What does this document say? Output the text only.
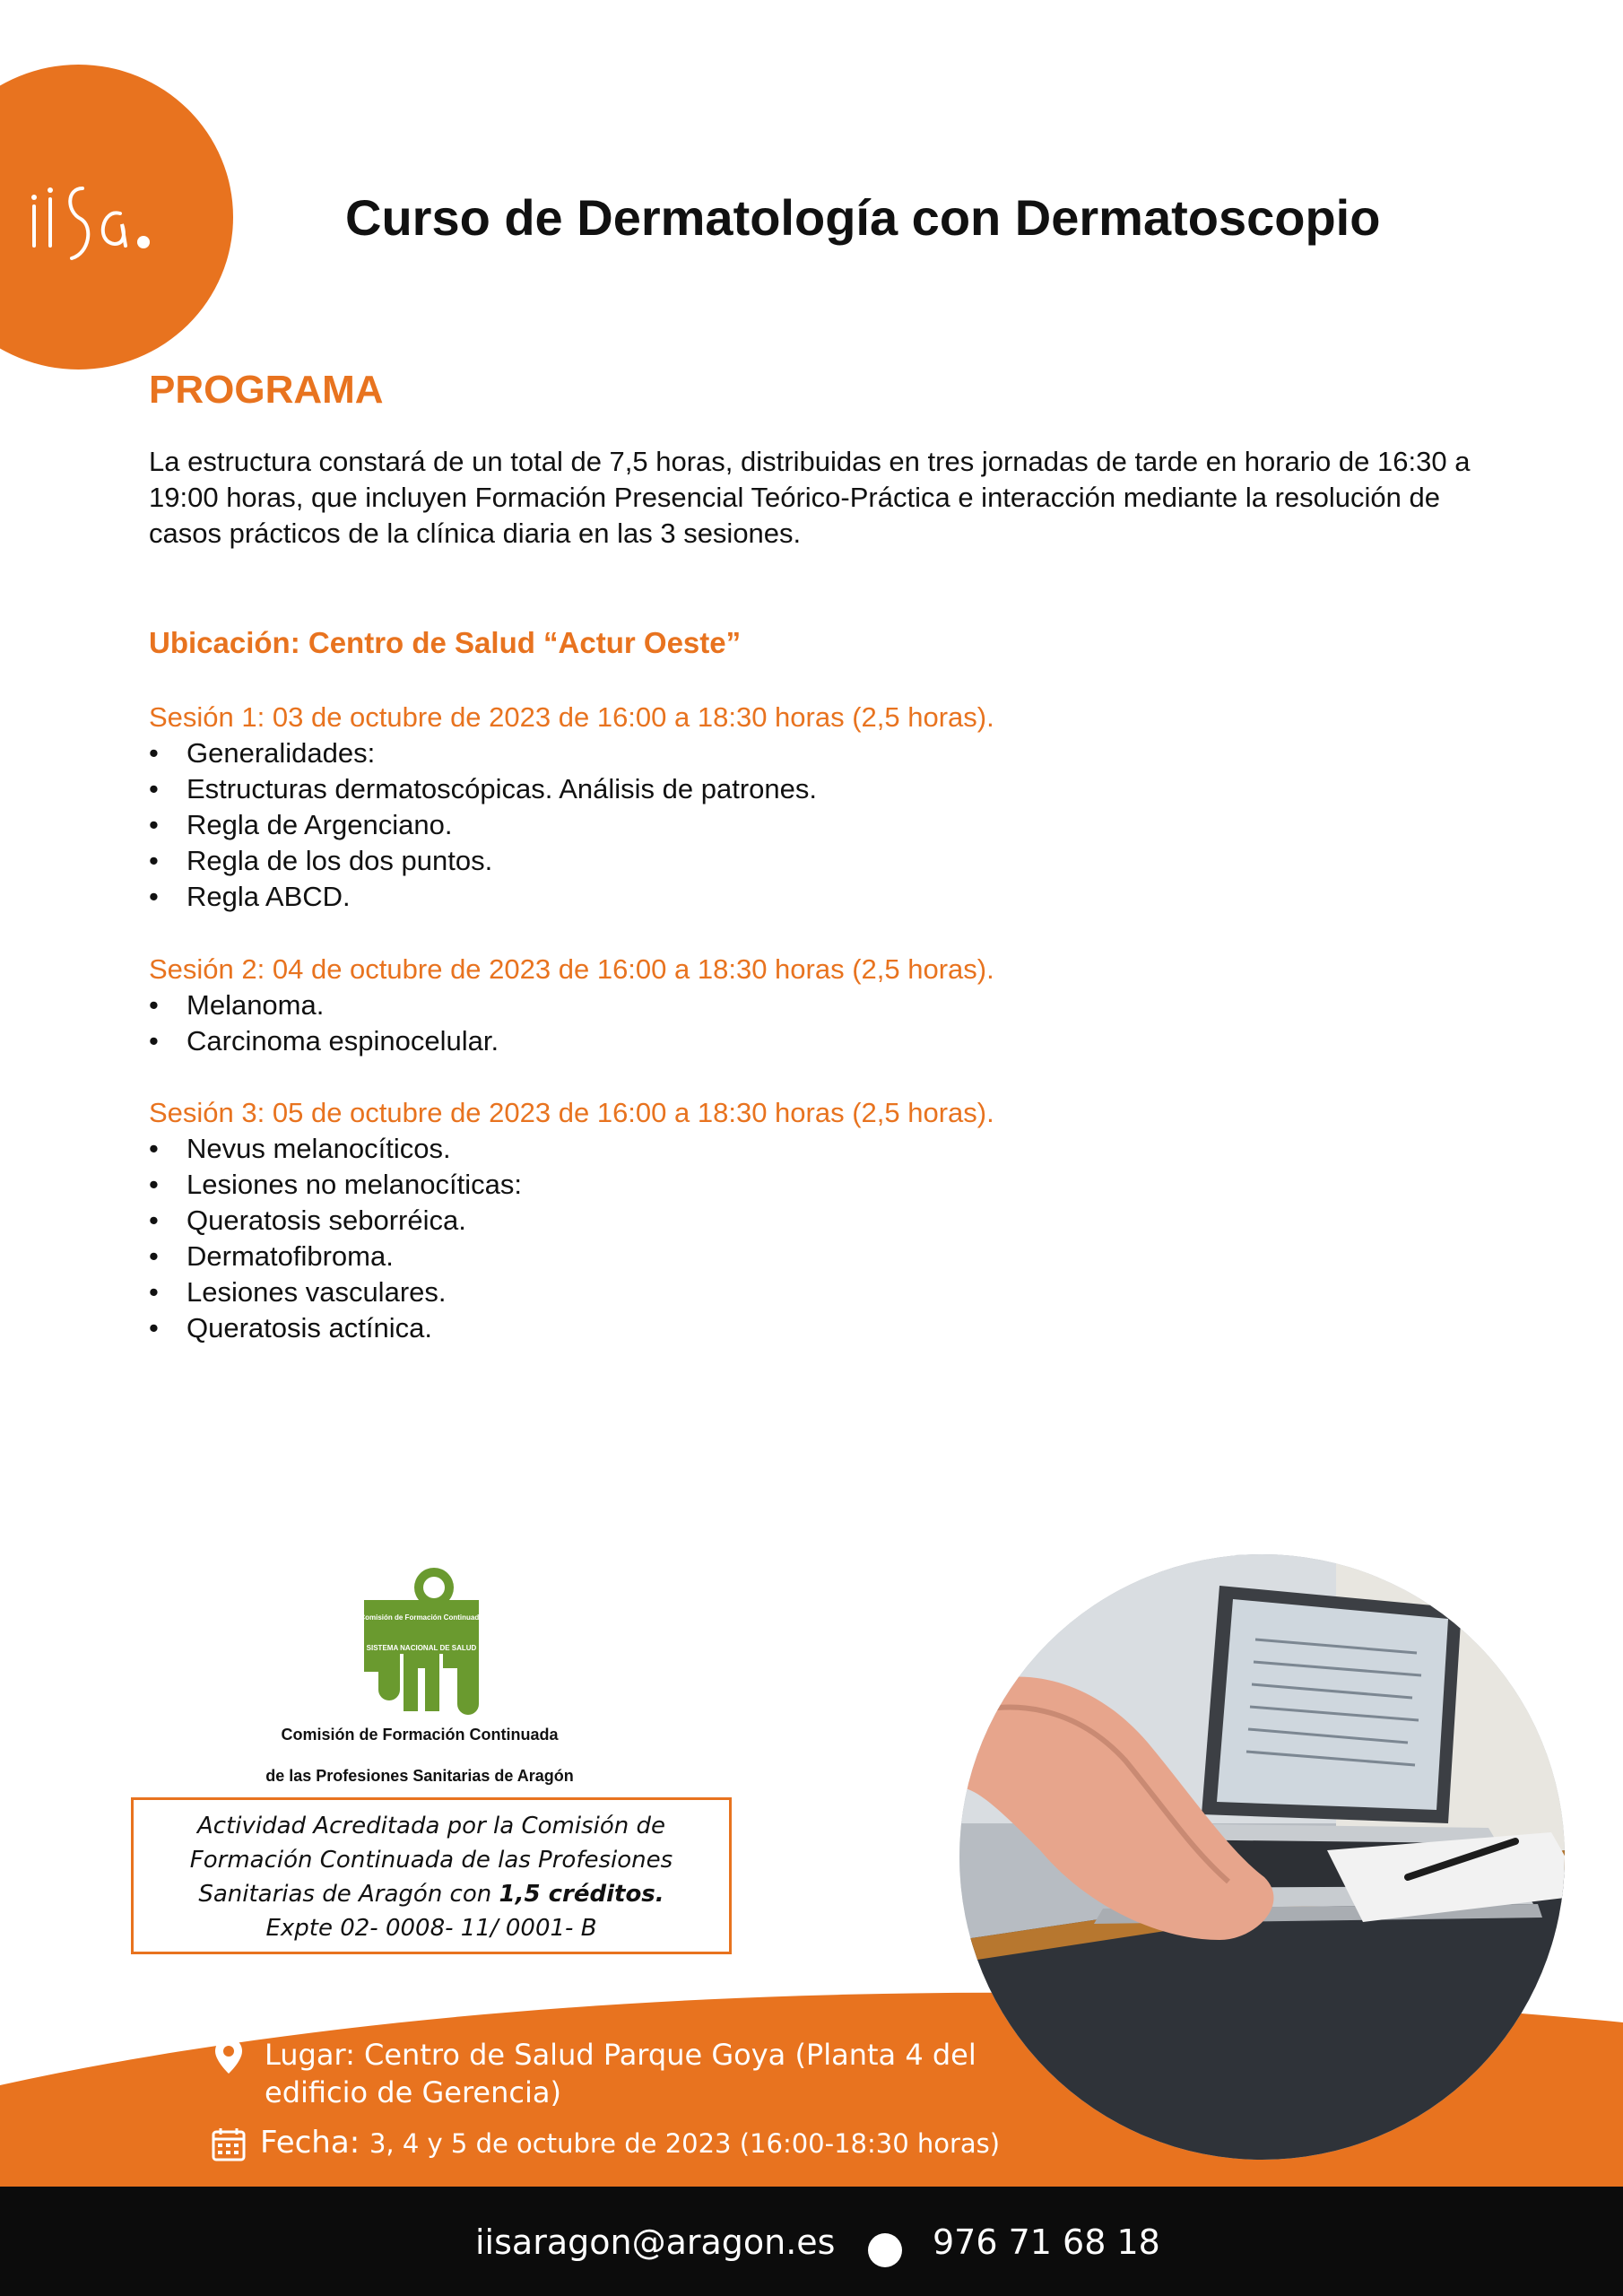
Curso de Dermatología con Dermatoscopio
PROGRAMA
La estructura constará de un total de 7,5 horas, distribuidas en tres jornadas de tarde en horario de 16:30 a 19:00 horas, que incluyen Formación Presencial Teórico-Práctica e interacción mediante la resolución de casos prácticos de la clínica diaria en las 3 sesiones.
Ubicación: Centro de Salud “Actur Oeste”
Sesión 1: 03 de octubre de 2023 de 16:00 a 18:30 horas (2,5 horas).
• Generalidades:
• Estructuras dermatoscópicas. Análisis de patrones.
• Regla de Argenciano.
• Regla de los dos puntos.
• Regla ABCD.
Sesión 2: 04 de octubre de 2023 de 16:00 a 18:30 horas (2,5 horas).
• Melanoma.
• Carcinoma espinocelular.
Sesión 3: 05 de octubre de 2023 de 16:00 a 18:30 horas (2,5 horas).
• Nevus melanocíticos.
• Lesiones no melanocíticas:
• Queratosis seborréica.
• Dermatofibroma.
• Lesiones vasculares.
• Queratosis actínica.
Comisión de Formación Continuada
SISTEMA NACIONAL DE SALUD
Comisión de Formación Continuada
de las Profesiones Sanitarias de Aragón
Actividad Acreditada por la Comisión de
Formación Continuada de las Profesiones
Sanitarias de Aragón con 1,5 créditos.
Expte 02- 0008- 11/ 0001- B
Lugar: Centro de Salud Parque Goya (Planta 4 del edificio de Gerencia)
Fecha: 3, 4 y 5 de octubre de 2023 (16:00-18:30 horas)
iisaragon@aragon.es	976 71 68 18
